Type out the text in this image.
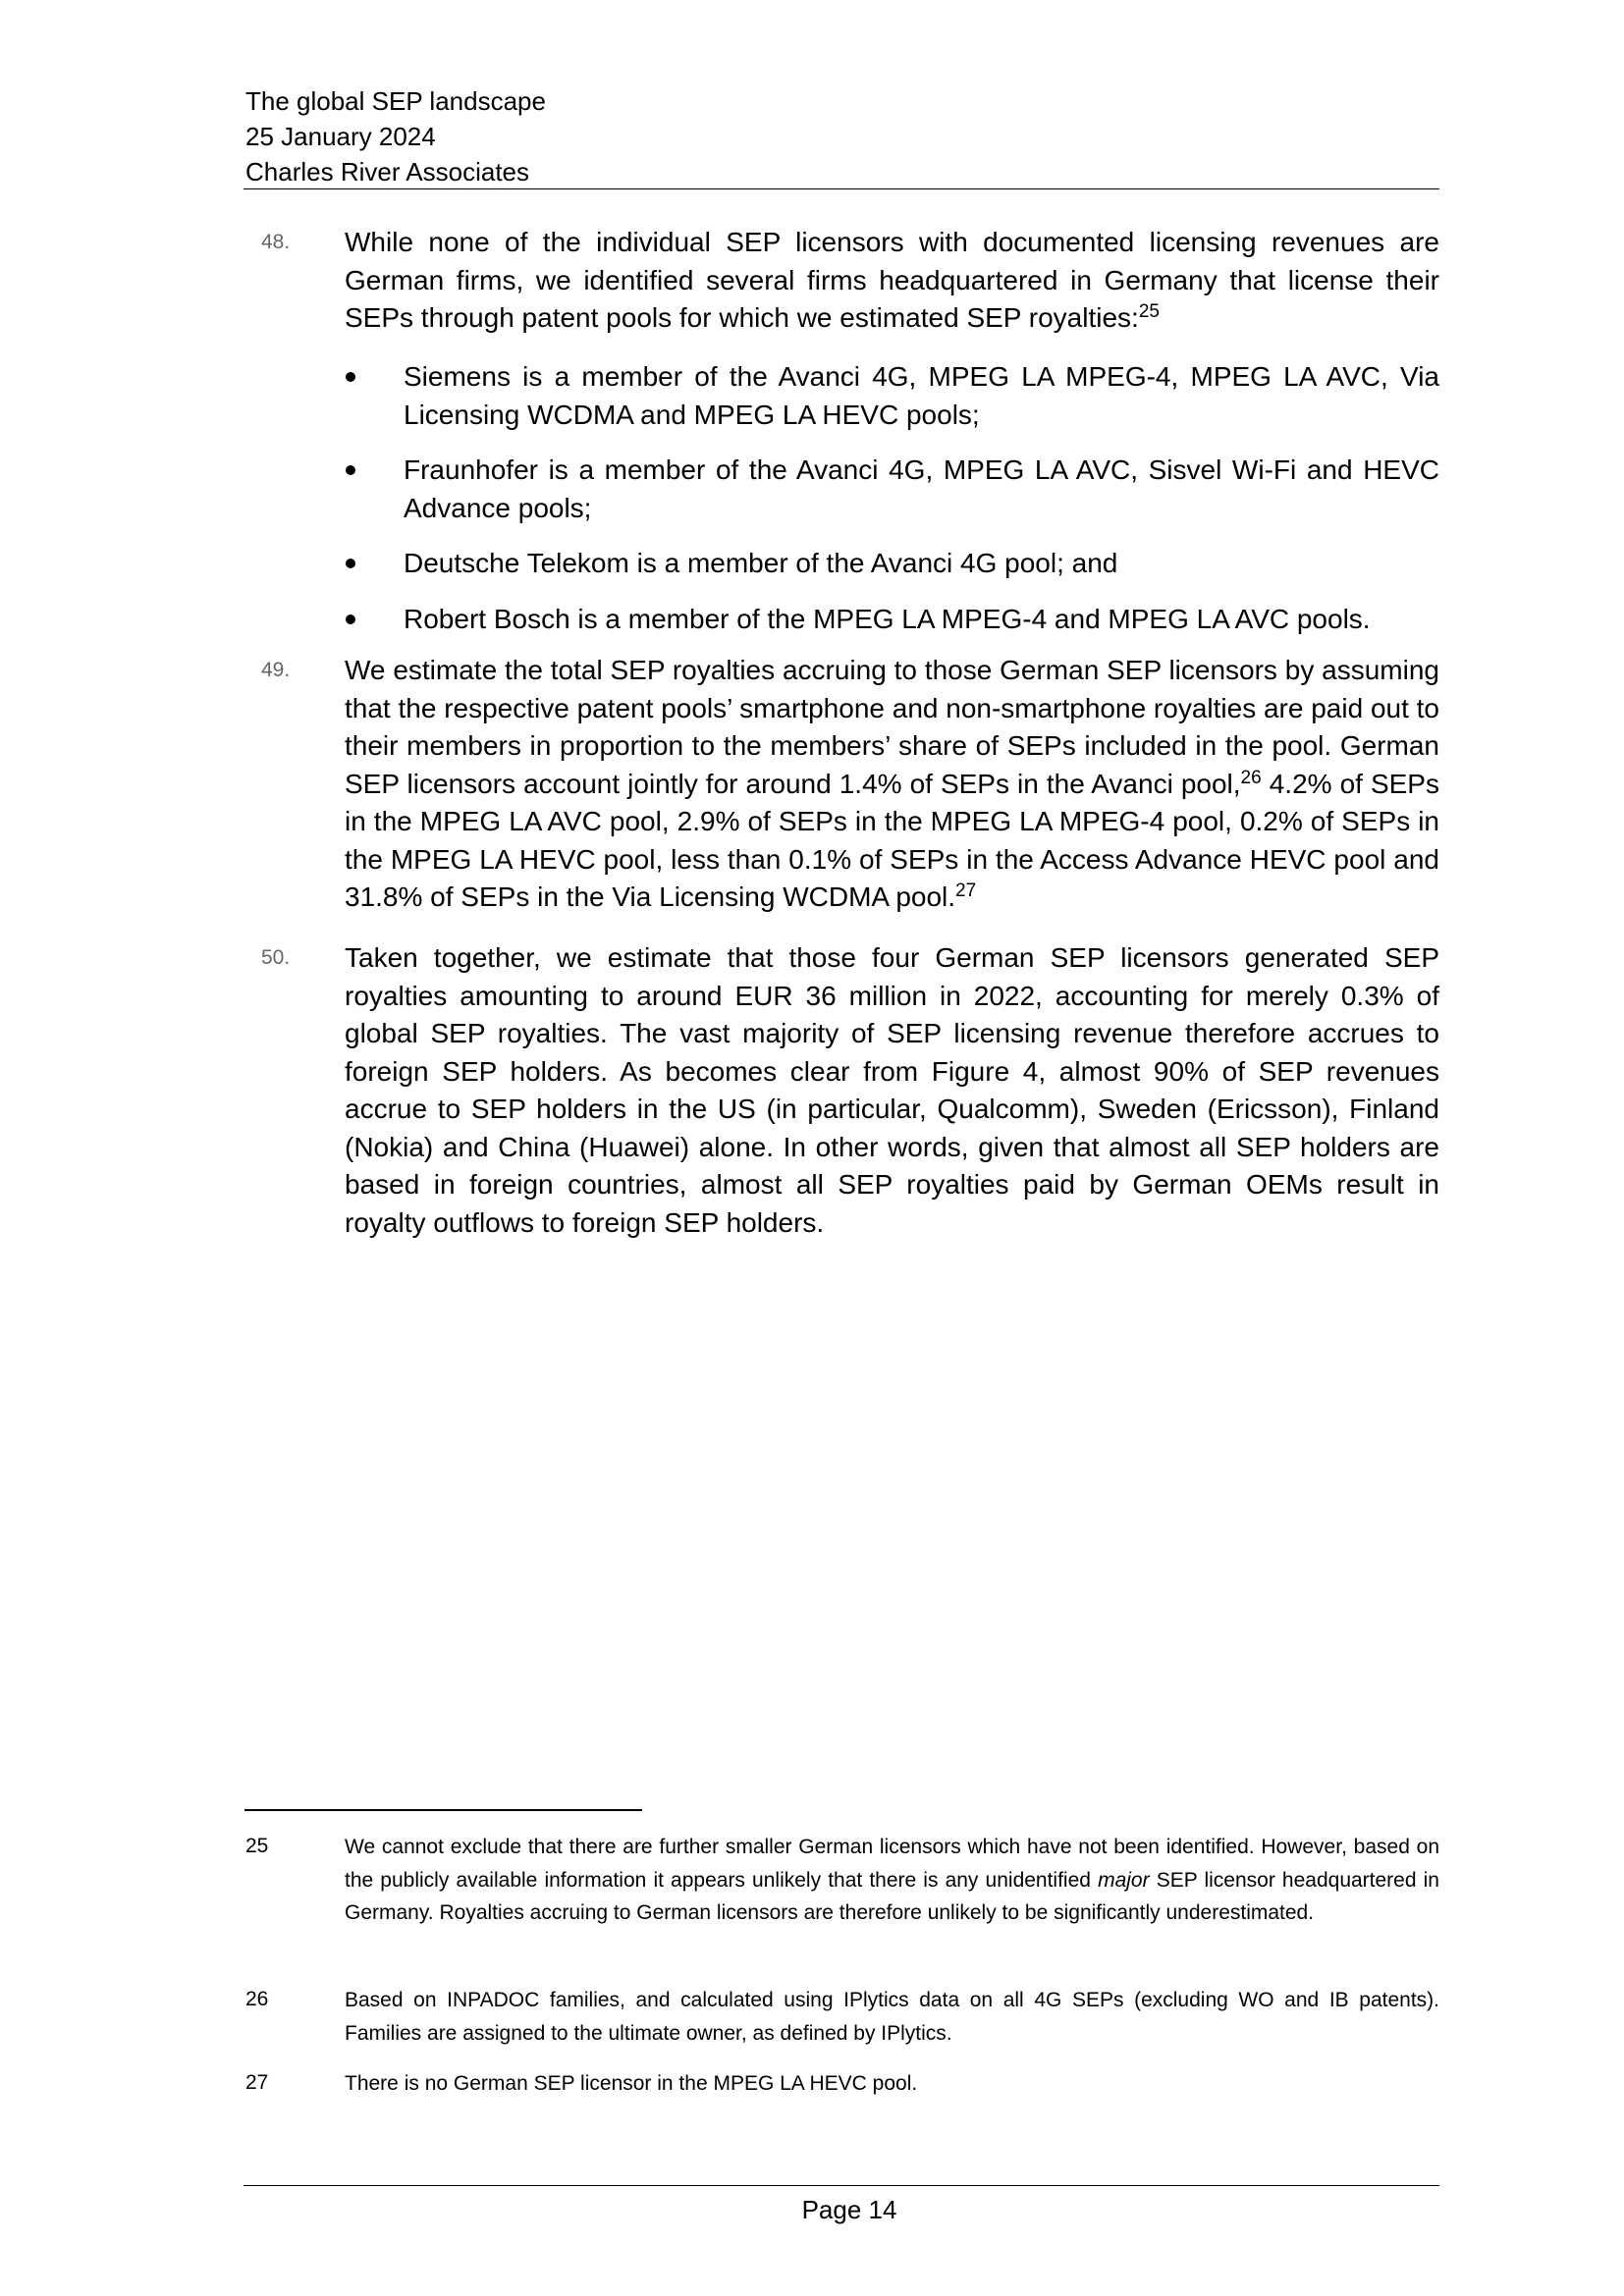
The global SEP landscape
25 January 2024
Charles River Associates
48. While none of the individual SEP licensors with documented licensing revenues are German firms, we identified several firms headquartered in Germany that license their SEPs through patent pools for which we estimated SEP royalties:$^{25}$
Siemens is a member of the Avanci 4G, MPEG LA MPEG-4, MPEG LA AVC, Via Licensing WCDMA and MPEG LA HEVC pools;
Fraunhofer is a member of the Avanci 4G, MPEG LA AVC, Sisvel Wi-Fi and HEVC Advance pools;
Deutsche Telekom is a member of the Avanci 4G pool; and
Robert Bosch is a member of the MPEG LA MPEG-4 and MPEG LA AVC pools.
49. We estimate the total SEP royalties accruing to those German SEP licensors by assuming that the respective patent pools’ smartphone and non-smartphone royalties are paid out to their members in proportion to the members’ share of SEPs included in the pool. German SEP licensors account jointly for around 1.4% of SEPs in the Avanci pool,$^{26}$ 4.2% of SEPs in the MPEG LA AVC pool, 2.9% of SEPs in the MPEG LA MPEG-4 pool, 0.2% of SEPs in the MPEG LA HEVC pool, less than 0.1% of SEPs in the Access Advance HEVC pool and 31.8% of SEPs in the Via Licensing WCDMA pool.$^{27}$
50. Taken together, we estimate that those four German SEP licensors generated SEP royalties amounting to around EUR 36 million in 2022, accounting for merely 0.3% of global SEP royalties. The vast majority of SEP licensing revenue therefore accrues to foreign SEP holders. As becomes clear from Figure 4, almost 90% of SEP revenues accrue to SEP holders in the US (in particular, Qualcomm), Sweden (Ericsson), Finland (Nokia) and China (Huawei) alone. In other words, given that almost all SEP holders are based in foreign countries, almost all SEP royalties paid by German OEMs result in royalty outflows to foreign SEP holders.
25	We cannot exclude that there are further smaller German licensors which have not been identified. However, based on the publicly available information it appears unlikely that there is any unidentified major SEP licensor headquartered in Germany. Royalties accruing to German licensors are therefore unlikely to be significantly underestimated.
26	Based on INPADOC families, and calculated using IPlytics data on all 4G SEPs (excluding WO and IB patents). Families are assigned to the ultimate owner, as defined by IPlytics.
27	There is no German SEP licensor in the MPEG LA HEVC pool.
Page 14
